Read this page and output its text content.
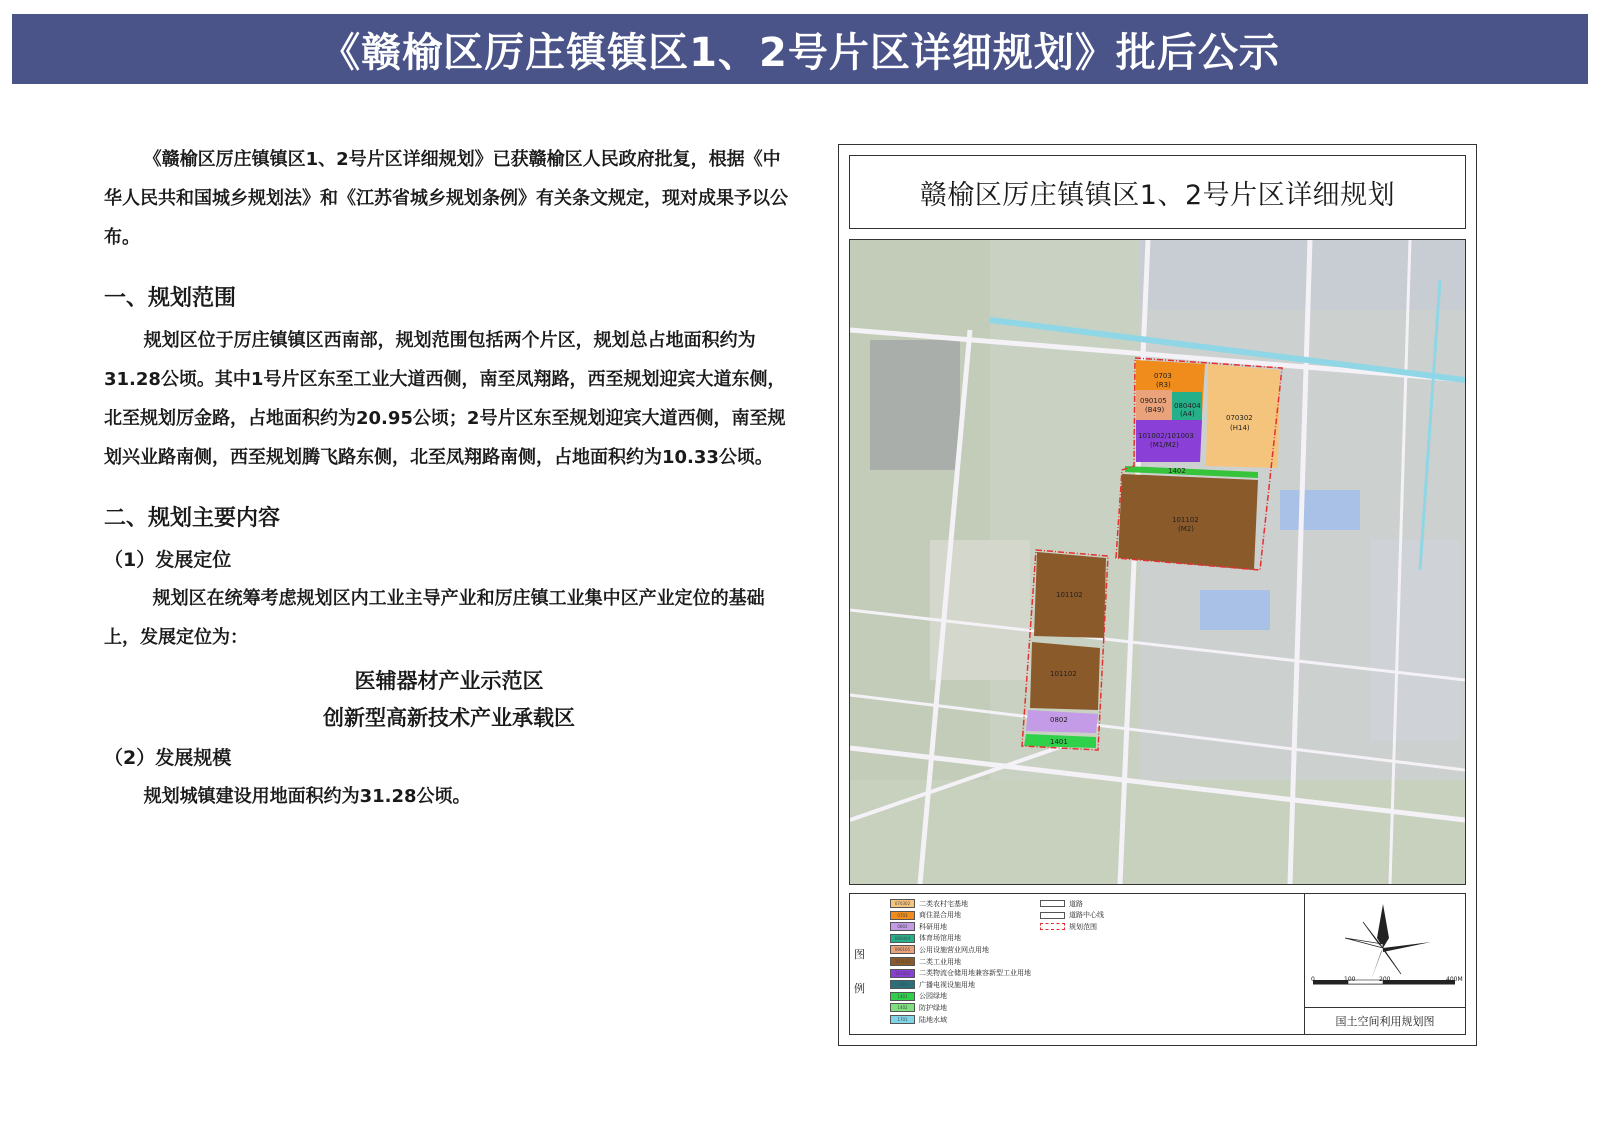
《赣榆区厉庄镇镇区1、2号片区详细规划》批后公示

《赣榆区厉庄镇镇区1、2号片区详细规划》已获赣榆区人民政府批复，根据《中华人民共和国城乡规划法》和《江苏省城乡规划条例》有关条文规定，现对成果予以公布。

一、规划范围

规划区位于厉庄镇镇区西南部，规划范围包括两个片区，规划总占地面积约为31.28公顷。其中1号片区东至工业大道西侧，南至凤翔路，西至规划迎宾大道东侧，北至规划厉金路，占地面积约为20.95公顷；2号片区东至规划迎宾大道西侧，南至规划兴业路南侧，西至规划腾飞路东侧，北至凤翔路南侧，占地面积约为10.33公顷。

二、规划主要内容
（1）发展定位

规划区在统筹考虑规划区内工业主导产业和厉庄镇工业集中区产业定位的基础上，发展定位为：

医辅器材产业示范区
创新型高新技术产业承载区
（2）发展规模

规划城镇建设用地面积约为31.28公顷。

赣榆区厉庄镇镇区1、2号片区详细规划
0703
(R3)
090105
(B49) 080404
(A4)
101002/101003
(M1/M2)
070302
(H14)
1402
101102
(M2)
101102
101102
0802
1401
图例
070302	二类农村宅基地
0703	商住混合用地
0802	科研用地
080404	体育场馆用地
090105	公用设施营业网点用地
101102	二类工业用地
101002	二类物流仓储用地兼容新型工业用地
1310	广播电视设施用地
1401	公园绿地
1402	防护绿地
1701	陆地水域
道路
道路中心线
规划范围
0	100	200	400M
国土空间利用规划图
